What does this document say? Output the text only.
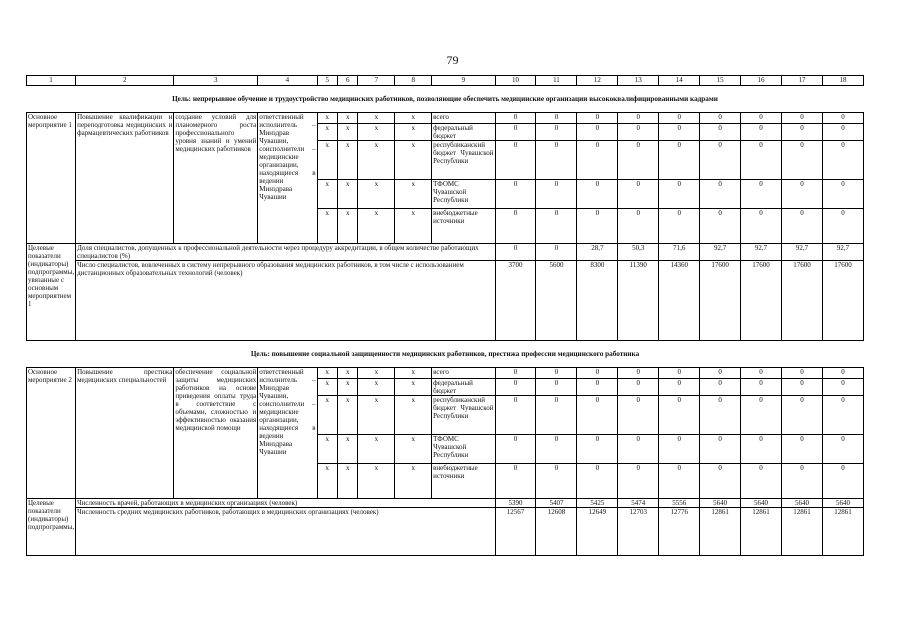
79
1	2	3	4	5	6	7	8	9	10	11	12	13	14	15	16	17	18
Цель: непрерывное обучение и трудоустройство медицинских работников, позволяющие обеспечить медицинские организации высококвалифицированными кадрами																	
Основное мероприятие 1	Повышение квалификации и переподготовка медицинских и фармацевтических работников	создание условий для планомерного роста профессионального уровня знаний и умений медицинских работников	ответственный исполнитель – Минздрав Чувашии, соисполнители – медицинские организации, находящиеся в ведении Минздрава Чувашии	x	x	x	x	всего	0	0	0	0	0	0	0	0	0
				x	x	x	x	федеральный бюджет	0	0	0	0	0	0	0	0	0
				x	x	x	x	республиканский бюджет Чувашской Республики	0	0	0	0	0	0	0	0	0
				x	x	x	x	ТФОМС Чувашской Республики	0	0	0	0	0	0	0	0	0
				x	x	x	x	внебюджетные источники	0	0	0	0	0	0	0	0	0
Целевые показатели (индикаторы) подпрограммы, увязанные с основным мероприятием 1	Доля специалистов, допущенных к профессиональной деятельности через процедуру аккредитации, в общем количестве работающих специалистов (%)								0	0	28,7	50,3	71,6	92,7	92,7	92,7	92,7
	Число специалистов, вовлеченных в систему непрерывного образования медицинских работников, в том числе с использованием дистанционных образовательных технологий (человек)								3700	5600	8300	11390	14360	17600	17600	17600	17600
Цель: повышение социальной защищенности медицинских работников, престижа профессии медицинского работника																	
Основное мероприятие 2	Повышение престижа медицинских специальностей	обеспечение социальной защиты медицинских работников на основе приведения оплаты труда в соответствие с объемами, сложностью и эффективностью оказания медицинской помощи	ответственный исполнитель – Минздрав Чувашии, соисполнители – медицинские организации, находящиеся в ведении Минздрава Чувашии	x	x	x	x	всего	0	0	0	0	0	0	0	0	0
				x	x	x	x	федеральный бюджет	0	0	0	0	0	0	0	0	0
				x	x	x	x	республиканский бюджет Чувашской Республики	0	0	0	0	0	0	0	0	0
				x	x	x	x	ТФОМС Чувашской Республики	0	0	0	0	0	0	0	0	0
				x	x	x	x	внебюджетные источники	0	0	0	0	0	0	0	0	0
Целевые показатели (индикаторы) подпрограммы,	Численность врачей, работающих в медицинских организациях (человек)								5390	5407	5425	5474	5556	5640	5640	5640	5640
	Численность средних медицинских работников, работающих в медицинских организациях (человек)								12567	12608	12649	12703	12776	12861	12861	12861	12861
